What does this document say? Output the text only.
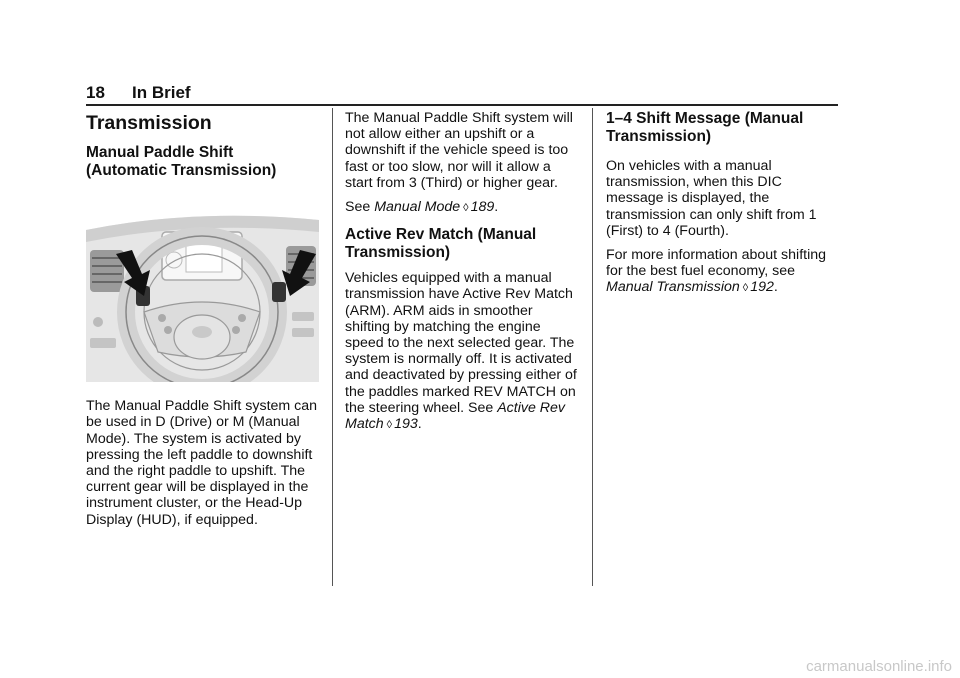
18 In Brief
Transmission
Manual Paddle Shift
(Automatic Transmission)

The Manual Paddle Shift system can be used in D (Drive) or M (Manual Mode). The system is activated by pressing the left paddle to downshift and the right paddle to upshift. The current gear will be displayed in the instrument cluster, or the Head-Up Display (HUD), if equipped.

The Manual Paddle Shift system will not allow either an upshift or a downshift if the vehicle speed is too fast or too slow, nor will it allow a start from 3 (Third) or higher gear.

See Manual Mode ◊ 189.

Active Rev Match (Manual
Transmission)

Vehicles equipped with a manual transmission have Active Rev Match (ARM). ARM aids in smoother shifting by matching the engine speed to the next selected gear. The system is normally off. It is activated and deactivated by pressing either of the paddles marked REV MATCH on the steering wheel. See Active Rev
Match ◊ 193.

1–4 Shift Message (Manual
Transmission)

On vehicles with a manual transmission, when this DIC message is displayed, the transmission can only shift from 1 (First) to 4 (Fourth).

For more information about shifting for the best fuel economy, see Manual Transmission ◊ 192.

carmanualsonline.info
